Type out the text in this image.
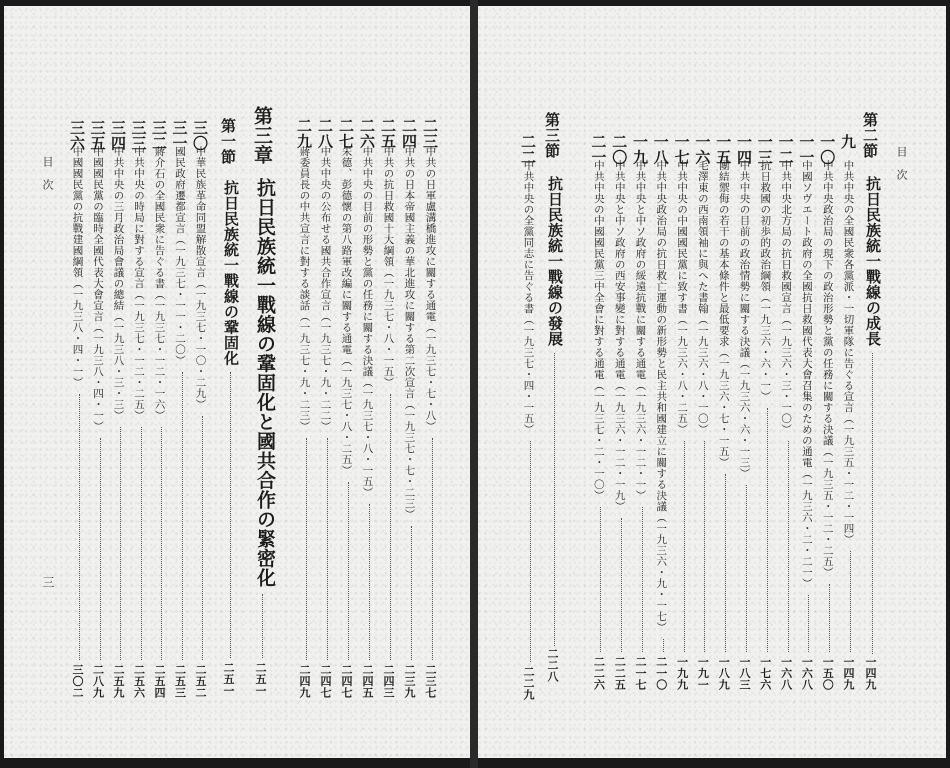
目　次
三
二三
中共の日軍盧溝橋進攻に關する通電（一九三七・七・八）
二三七
二四
中共の日本帝國主義の華北進攻に關する第二次宣言（一九三七・七・二三）
二三九
二五
中共の抗日救國十大綱領（一九三七・八・一五）
二四三
二六
中共中央の目前の形勢と黨の任務に關する決議（一九三七・八・一五）
二四五
二七
朱德、彭德懷の第八路軍改編に關する通電（一九三七・八・二五）
二四七
二八
中共中央の公布せる國共合作宣言（一九三七・九・二二）
二四七
二九
蔣委員長の中共宣言に對する談話（一九三七・九・二三）
二四九
第三章
抗日民族統一戰線の鞏固化と國共合作の緊密化
二五一
第一節
抗日民族統一戰線の鞏固化
二五一
三〇
中華民族革命同盟解散宣言（一九三七・一〇・二九）
二五二
三一
國民政府遷都宣言（一九三七・一一・二〇）
二五三
三二
蔣介石の全國民衆に告ぐる書（一九三七・一二・一六）
二五四
三三
中共中央の時局に對する宣言（一九三七・一二・二五）
二五六
三四
中共中央の三月政治局會議の總結（一九三八・三・三）
二五九
三五
中國國民黨の臨時全國代表大會宣言（一九三八・四・一）
二八九
三六
中國國民黨の抗戰建國綱領（一九三八・四・一）
三〇二
目　次
第二節
抗日民族統一戰線の成長
一四九
九
中共中央の全國民衆各黨派・一切軍隊に告ぐる宣言（一九三五・一二・一四）
一四九
一〇
中共中央政治局の現下の政治形勢と黨の任務に關する決議（一九三五・一二・二五）
一五〇
一一
中國ソヴエート政府の全國抗日救國代表大會召集のための通電（一九三六・二・二一）
一六八
一二
中共中央北方局の抗日救國宣言（一九三六・三・一〇）
一六八
一三
抗日救國の初歩的政治綱領（一九三六・六・一）
一七六
一四
中共中央の目前の政治情勢に關する決議（一九三六・六・一三）
一八三
一五
團結禦侮の若干の基本條件と最低要求（一九三六・七・一五）
一八九
一六
毛澤東の西南領袖に與へた書翰（一九三六・八・一〇）
一九一
一七
中共中央の中國國民黨に致す書（一九三六・八・二五）
一九九
一八
中共中央政治局の抗日救亡運動の新形勢と民主共和國建立に關する決議（一九三六・九・一七）
二一〇
一九
中共中央と中ソ政府の綏遠抗戰に關する通電（一九三六・一二・一）
二一七
二〇
中共中央と中ソ政府の西安事變に對する通電（一九三六・一二・一九）
二二五
二一
中共中央の中國國民黨三中全會に對する通電（一九三七・二・一〇）
二二六
第三節
抗日民族統一戰線の發展
二二八
二二
中共中央の全黨同志に告ぐる書（一九三七・四・一五）
二二九
